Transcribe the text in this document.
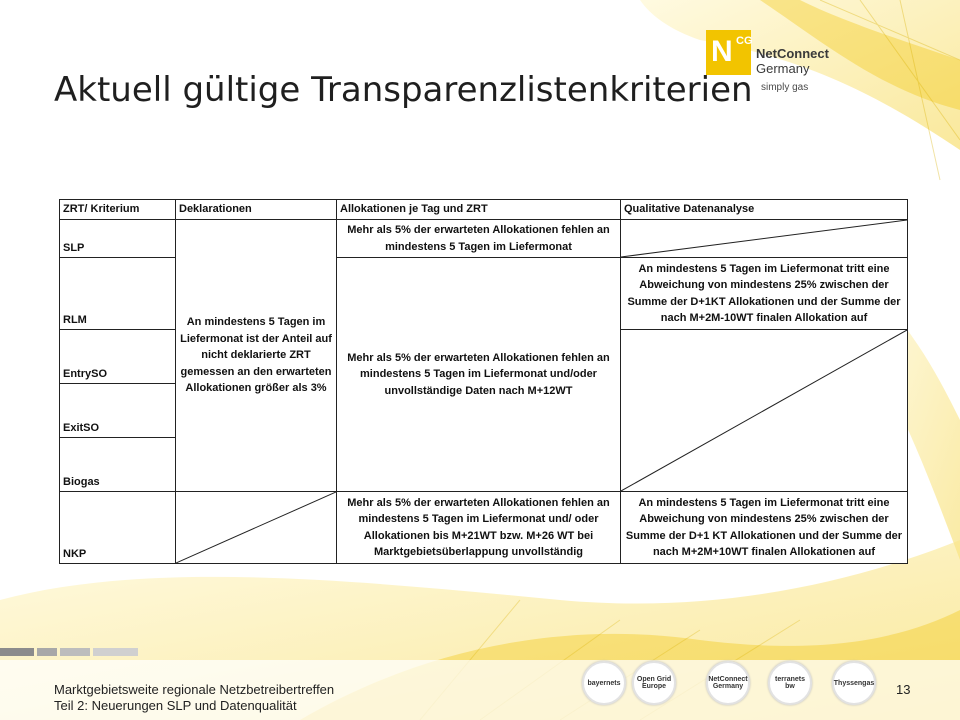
N CG
NetConnect
Germany
simply gas
Aktuell gültige Transparenzlistenkriterien
ZRT/ Kriterium	Deklarationen	Allokationen je Tag und ZRT	Qualitative Datenanalyse
SLP	An mindestens 5 Tagen im Liefermonat ist der Anteil auf nicht deklarierte ZRT gemessen an den erwarteten Allokationen größer als 3%	Mehr als 5% der erwarteten Allokationen fehlen an mindestens 5 Tagen im Liefermonat	

RLM		Mehr als 5% der erwarteten Allokationen fehlen an mindestens 5 Tagen im Liefermonat und/oder unvollständige Daten nach M+12WT	An mindestens 5 Tagen im Liefermonat tritt eine Abweichung von mindestens 25% zwischen der Summe der D+1KT Allokationen und der Summe der nach M+2M-10WT finalen Allokation auf
EntrySO	

ExitSO			
Biogas			
NKP		Mehr als 5% der erwarteten Allokationen fehlen an mindestens 5 Tagen im Liefermonat und/ oder Allokationen bis M+21WT bzw. M+26 WT bei Marktgebietsüberlappung unvollständig	An mindestens 5 Tagen im Liefermonat tritt eine Abweichung von mindestens 25% zwischen der Summe der D+1 KT Allokationen und der Summe der nach M+2M+10WT finalen Allokationen auf
Marktgebietsweite regionale Netzbetreibertreffen
Teil 2: Neuerungen SLP und Datenqualität
bayernets	Open Grid Europe
NetConnect Germany
terranets bw	Thyssengas 13
